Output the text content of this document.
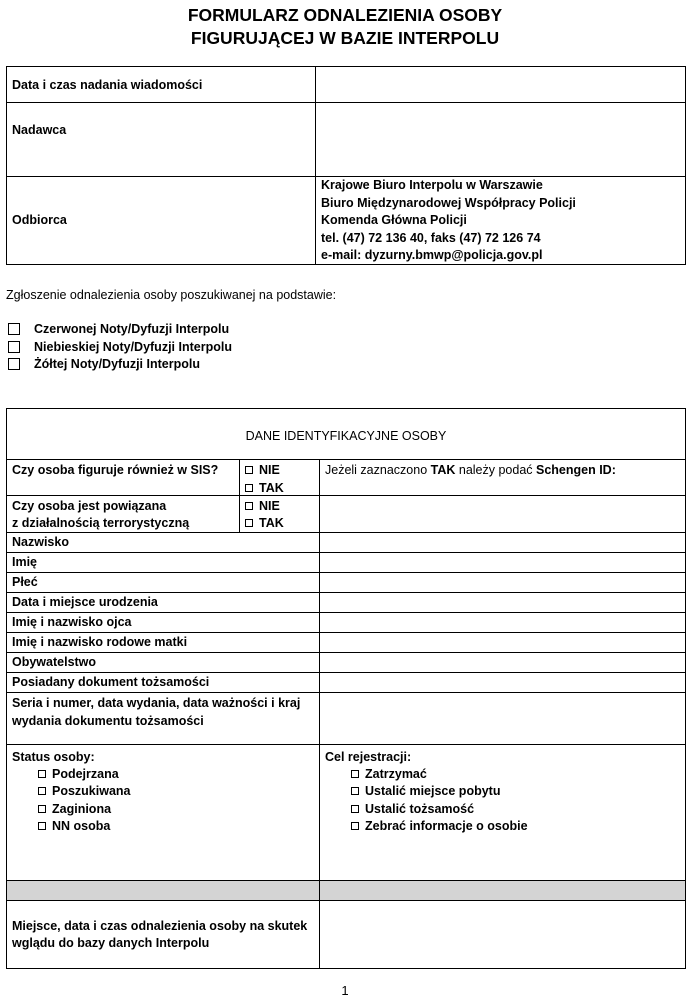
FORMULARZ ODNALEZIENIA OSOBY
FIGURUJĄCEJ W BAZIE INTERPOLU
Data i czas nadania wiadomości
Nadawca
Odbiorca
Krajowe Biuro Interpolu w Warszawie
Biuro Międzynarodowej Współpracy Policji
Komenda Główna Policji
tel. (47) 72 136 40, faks (47) 72 126 74
e-mail: dyzurny.bmwp@policja.gov.pl
Zgłoszenie odnalezienia osoby poszukiwanej na podstawie:
Czerwonej Noty/Dyfuzji Interpolu
Niebieskiej Noty/Dyfuzji Interpolu
Żółtej Noty/Dyfuzji Interpolu
DANE IDENTYFIKACYJNE OSOBY
Czy osoba figuruje również w SIS?	NIE
TAK
Jeżeli zaznaczono TAK należy podać Schengen ID:
Czy osoba jest powiązana
z działalnością terrorystyczną
NIE
TAK
Nazwisko
Imię
Płeć
Data i miejsce urodzenia
Imię i nazwisko ojca
Imię i nazwisko rodowe matki
Obywatelstwo
Posiadany dokument tożsamości
Seria i numer, data wydania, data ważności i kraj
wydania dokumentu tożsamości
Status osoby:
Podejrzana
Poszukiwana
Zaginiona
NN osoba
Cel rejestracji:
Zatrzymać
Ustalić miejsce pobytu
Ustalić tożsamość
Zebrać informacje o osobie
Miejsce, data i czas odnalezienia osoby na skutek
wglądu do bazy danych Interpolu
1
